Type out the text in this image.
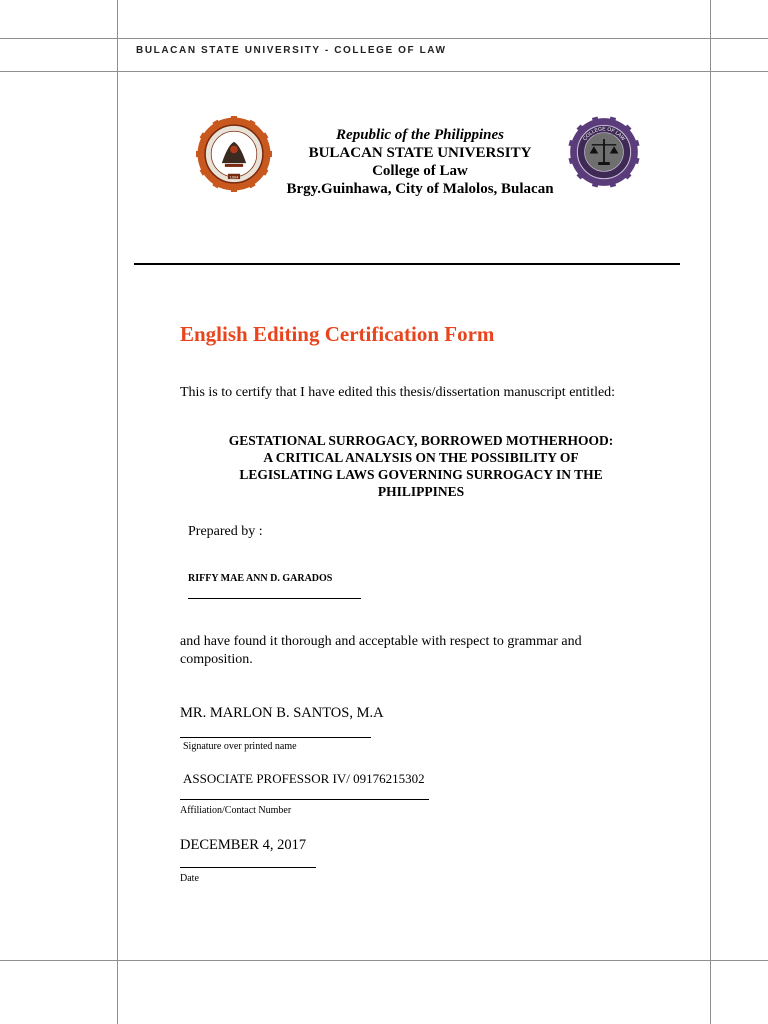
BULACAN STATE UNIVERSITY - COLLEGE OF LAW
1904
Republic of the Philippines
BULACAN STATE UNIVERSITY
College of Law
Brgy.Guinhawa, City of Malolos, Bulacan
COLLEGE OF LAW
English Editing Certification Form
This is to certify that I have edited this thesis/dissertation manuscript entitled:
GESTATIONAL SURROGACY, BORROWED MOTHERHOOD:
A CRITICAL ANALYSIS ON THE POSSIBILITY OF
LEGISLATING LAWS GOVERNING SURROGACY IN THE
PHILIPPINES
Prepared by :
RIFFY MAE ANN D. GARADOS
and have found it thorough and acceptable with respect to grammar and composition.
MR. MARLON B. SANTOS, M.A
Signature over printed name
ASSOCIATE PROFESSOR IV/ 09176215302
Affiliation/Contact Number
DECEMBER 4, 2017
Date
